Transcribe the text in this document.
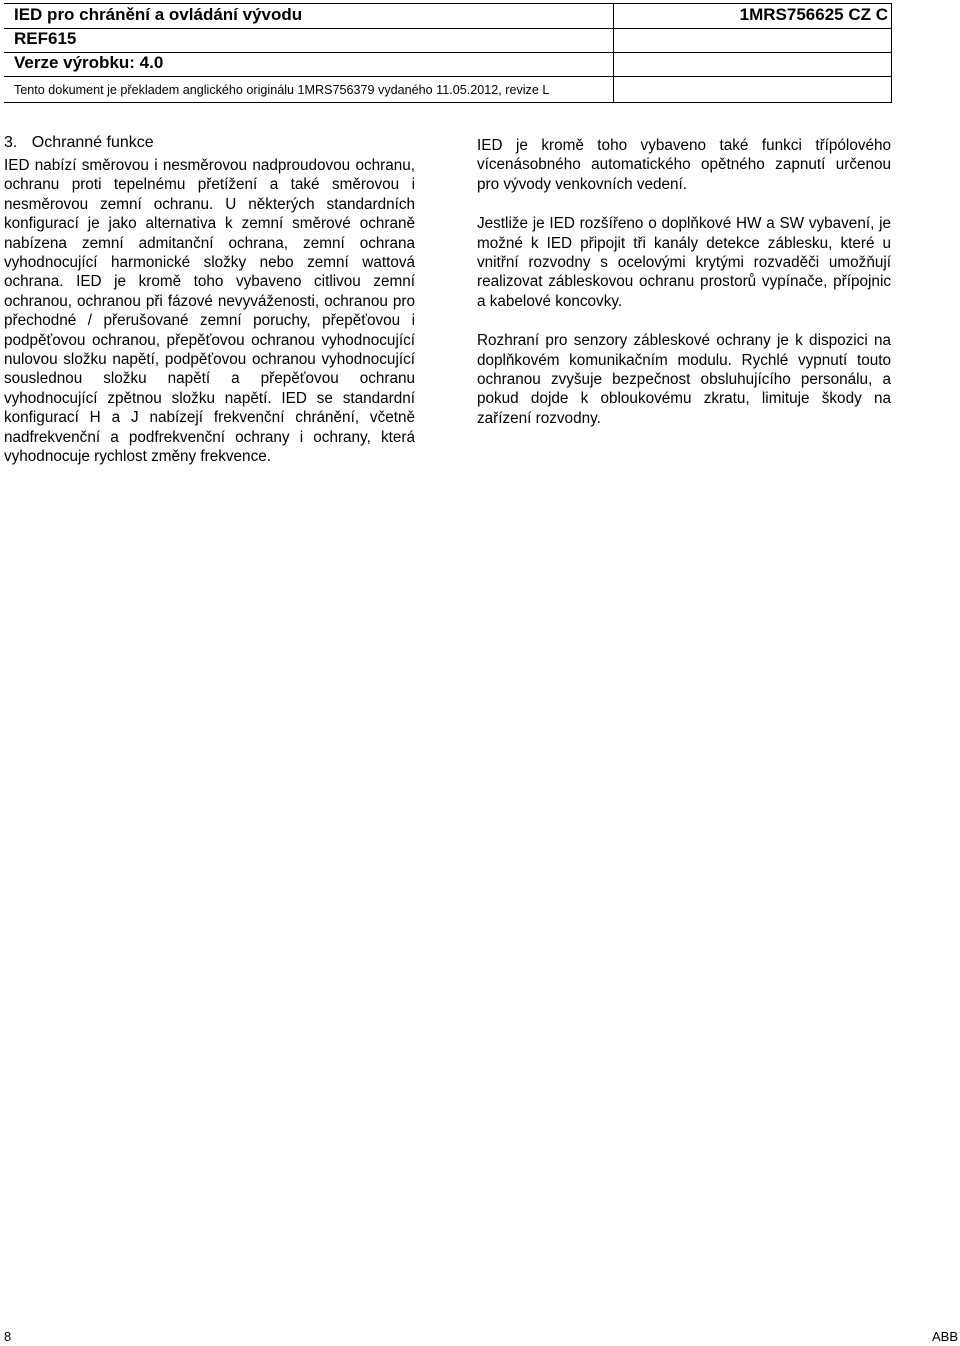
IED pro chránění a ovládání vývodu
REF615
Verze výrobku: 4.0
1MRS756625 CZ C
Tento dokument je překladem anglického originálu 1MRS756379 vydaného 11.05.2012, revize L
3. Ochranné funkce

IED nabízí směrovou i nesměrovou nadproudovou ochranu, ochranu proti tepelnému přetížení a také směrovou i nesměrovou zemní ochranu. U některých standardních konfigurací je jako alternativa k zemní směrové ochraně nabízena zemní admitanční ochrana, zemní ochrana vyhodnocující harmonické složky nebo zemní wattová ochrana. IED je kromě toho vybaveno citlivou zemní ochranou, ochranou při fázové nevyváženosti, ochranou pro přechodné / přerušované zemní poruchy, přepěťovou i podpěťovou ochranou, přepěťovou ochranou vyhodnocující nulovou složku napětí, podpěťovou ochranou vyhodnocující souslednou složku napětí a přepěťovou ochranu vyhodnocující zpětnou složku napětí. IED se standardní konfigurací H a J nabízejí frekvenční chránění, včetně nadfrekvenční a podfrekvenční ochrany i ochrany, která vyhodnocuje rychlost změny frekvence.

IED je kromě toho vybaveno také funkci třípólového vícenásobného automatického opětného zapnutí určenou pro vývody venkovních vedení.

Jestliže je IED rozšířeno o doplňkové HW a SW vybavení, je možné k IED připojit tři kanály detekce záblesku, které u vnitřní rozvodny s ocelovými krytými rozvaděči umožňují realizovat zábleskovou ochranu prostorů vypínače, přípojnic a kabelové koncovky.

Rozhraní pro senzory zábleskové ochrany je k dispozici na doplňkovém komunikačním modulu. Rychlé vypnutí touto ochranou zvyšuje bezpečnost obsluhujícího personálu, a pokud dojde k obloukovému zkratu, limituje škody na zařízení rozvodny.

8	ABB
